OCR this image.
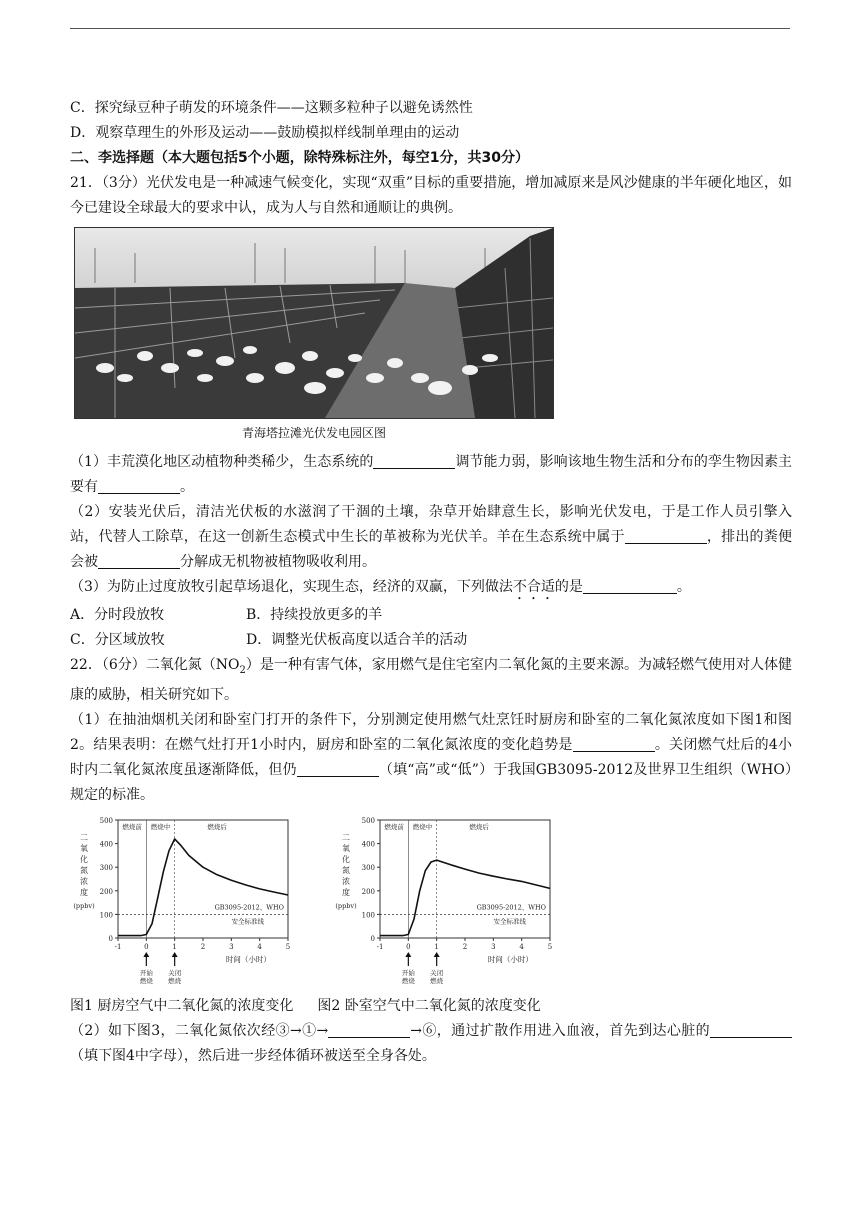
C．探究绿豆种子萌发的环境条件——这颗多粒种子以避免诱然性

D．观察草理生的外形及运动——鼓励模拟样线制单理由的运动

二、李选择题（本大题包括5个小题，除特殊标注外，每空1分，共30分）

21．（3分）光伏发电是一种减速气候变化，实现“双重”目标的重要措施，增加减原来是风沙健康的半年硬化地区，如今已建设全球最大的要求中认，成为人与自然和通顺让的典例。

青海塔拉滩光伏发电园区图

（1）丰荒漠化地区动植物种类稀少，生态系统的	调节能力弱，影响该地生物生活和分布的孪生物因素主要有	。

（2）安装光伏后，清洁光伏板的水滋润了干涸的土壤，杂草开始肆意生长，影响光伏发电，于是工作人员引擎入站，代替人工除草，在这一创新生态模式中生长的革被称为光伏羊。羊在生态系统中属于	，排出的粪便会被	分解成无机物被植物吸收利用。

（3）为防止过度放牧引起草场退化，实现生态，经济的双赢，下列做法不合适的是	。

A．分时段放牧	B．持续投放更多的羊
C．分区域放牧	D．调整光伏板高度以适合羊的活动

22．（6分）二氧化氮$(NO_2)$是一种有害气体，家用燃气是住宅室内二氧化氮的主要来源。为减轻燃气使用对人体健康的威胁，相关研究如下。

（1）在抽油烟机关闭和卧室门打开的条件下，分别测定使用燃气灶烹饪时厨房和卧室的二氧化氮浓度如下图1和图2。结果表明：在燃气灶打开1小时内，厨房和卧室的二氧化氮浓度的变化趋势是	。关闭燃气灶后的4小时内二氧化氮浓度虽逐渐降低，但仍	（填“高”或“低”）于我国GB3095-2012及世界卫生组织（WHO）规定的标准。

0
100
200
300
400
500
-1	0	1	2	3	4	5
二
氧
化
氮
浓
度
(ppbv)
时间（小时）
燃烧前 燃烧中	燃烧后
GB3095-2012、WHO
安全标准线
开始
燃烧
关闭
燃烧
0
100
200
300
400
500
-1	0	1	2	3	4	5
二
氧
化
氮
浓
度
(ppbv)
时间（小时）
燃烧前 燃烧中	燃烧后
GB3095-2012、WHO
安全标准线
开始
燃烧
关闭
燃烧
图1 厨房空气中二氧化氮的浓度变化 图2 卧室空气中二氧化氮的浓度变化

（2）如下图3，二氧化氮依次经③→①→	→⑥，通过扩散作用进入血液，首先到达心脏的（填下图4中字母），然后进一步经体循环被送至全身各处。
